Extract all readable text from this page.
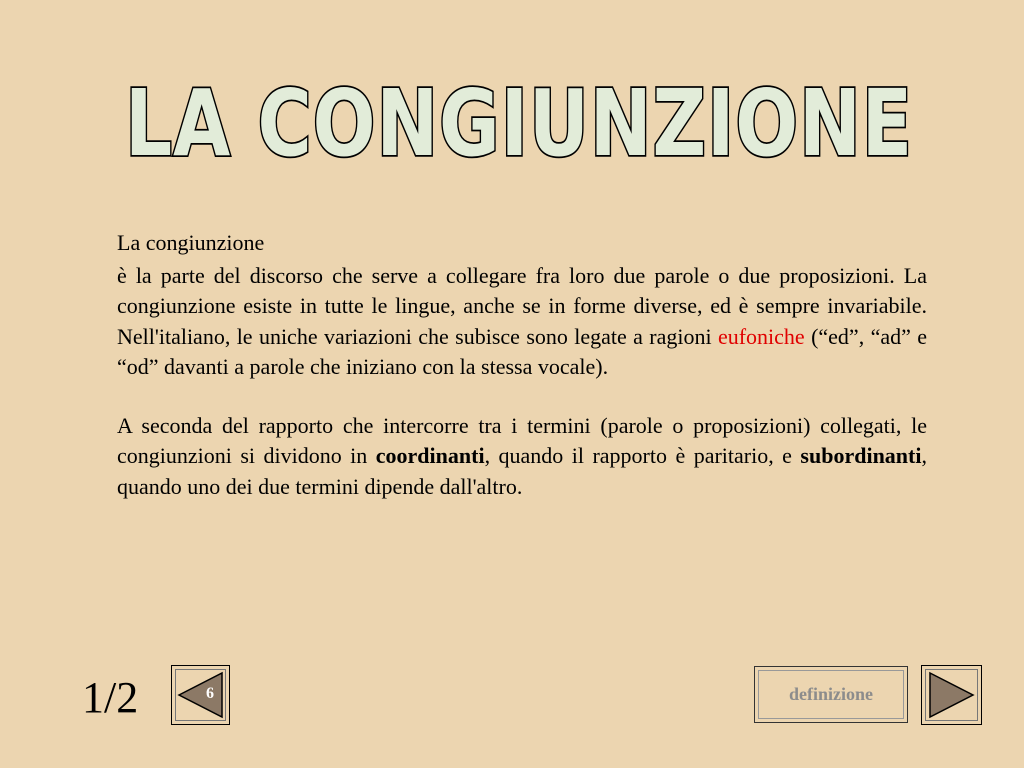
LA CONGIUNZIONE

La congiunzione

è la parte del discorso che serve a collegare fra loro due parole o due proposizioni. La congiunzione esiste in tutte le lingue, anche se in forme diverse, ed è sempre invariabile. Nell'italiano, le uniche variazioni che subisce sono legate a ragioni eufoniche (“ed”, “ad” e “od” davanti a parole che iniziano con la stessa vocale).

A seconda del rapporto che intercorre tra i termini (parole o proposizioni) collegati, le congiunzioni si dividono in coordinanti, quando il rapporto è paritario, e subordinanti, quando uno dei due termini dipende dall'altro.

1/2	6	definizione
